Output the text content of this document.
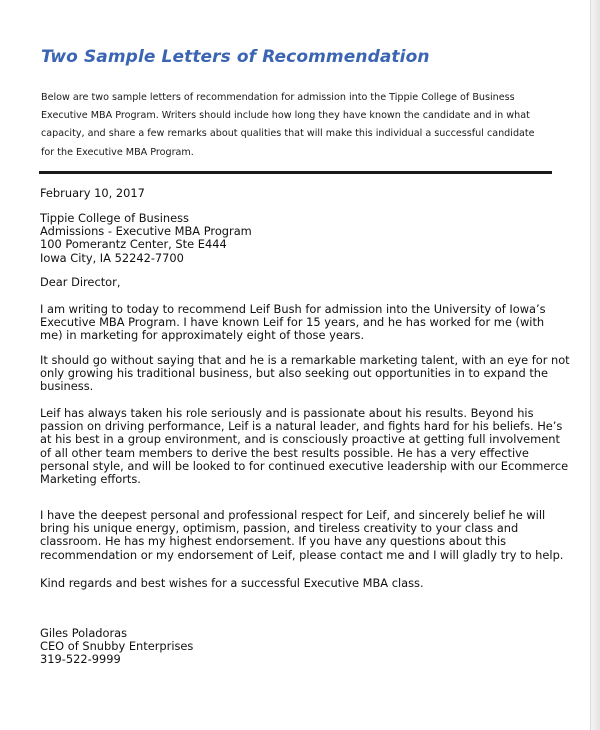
Two Sample Letters of Recommendation
Below are two sample letters of recommendation for admission into the Tippie College of Business
Executive MBA Program. Writers should include how long they have known the candidate and in what
capacity, and share a few remarks about qualities that will make this individual a successful candidate
for the Executive MBA Program.
February 10, 2017
Tippie College of Business
Admissions - Executive MBA Program
100 Pomerantz Center, Ste E444
Iowa City, IA 52242-7700
Dear Director,
I am writing to today to recommend Leif Bush for admission into the University of Iowa’s
Executive MBA Program. I have known Leif for 15 years, and he has worked for me (with
me) in marketing for approximately eight of those years.
It should go without saying that and he is a remarkable marketing talent, with an eye for not
only growing his traditional business, but also seeking out opportunities in to expand the
business.
Leif has always taken his role seriously and is passionate about his results. Beyond his
passion on driving performance, Leif is a natural leader, and fights hard for his beliefs. He’s
at his best in a group environment, and is consciously proactive at getting full involvement
of all other team members to derive the best results possible. He has a very effective
personal style, and will be looked to for continued executive leadership with our Ecommerce
Marketing efforts.
I have the deepest personal and professional respect for Leif, and sincerely belief he will
bring his unique energy, optimism, passion, and tireless creativity to your class and
classroom. He has my highest endorsement. If you have any questions about this
recommendation or my endorsement of Leif, please contact me and I will gladly try to help.
Kind regards and best wishes for a successful Executive MBA class.
Giles Poladoras
CEO of Snubby Enterprises
319-522-9999
